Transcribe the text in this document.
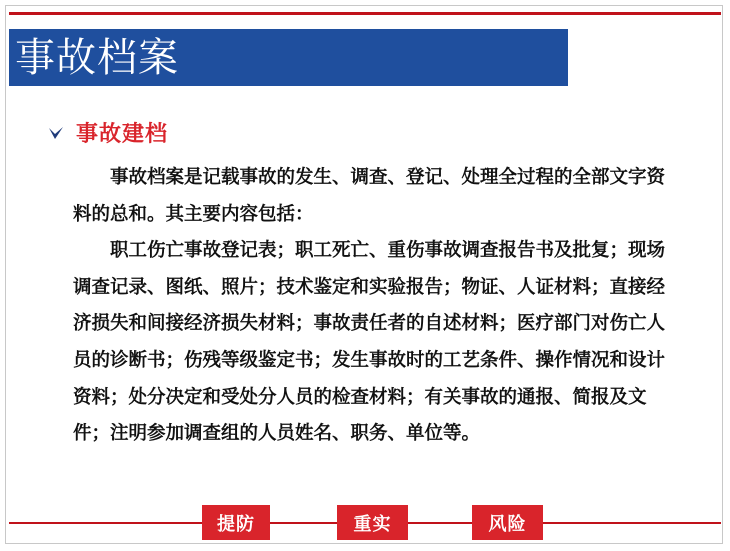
事故档案
事故建档

事故档案是记载事故的发生、调查、登记、处理全过程的全部文字资料的总和。其主要内容包括：

职工伤亡事故登记表；职工死亡、重伤事故调查报告书及批复；现场调查记录、图纸、照片；技术鉴定和实验报告；物证、人证材料；直接经济损失和间接经济损失材料；事故责任者的自述材料；医疗部门对伤亡人员的诊断书；伤残等级鉴定书；发生事故时的工艺条件、操作情况和设计资料；处分决定和受处分人员的检查材料；有关事故的通报、简报及文件；注明参加调查组的人员姓名、职务、单位等。

提防	重实	风险
